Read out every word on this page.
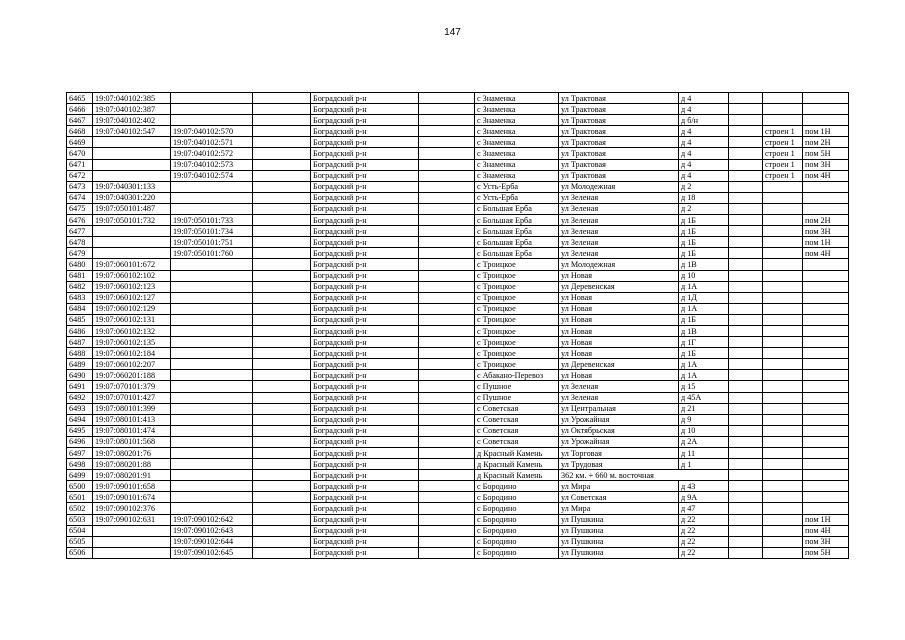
147
6465	19:07:040102:385			Боградский р-н		с Знаменка	ул Трактовая	д 4			
6466	19:07:040102:387			Боградский р-н		с Знаменка	ул Трактовая	д 4			
6467	19:07:040102:402			Боградский р-н		с Знаменка	ул Трактовая	д б/н			
6468	19:07:040102:547	19:07:040102:570		Боградский р-н		с Знаменка	ул Трактовая	д 4		строен 1	пом 1Н
6469		19:07:040102:571		Боградский р-н		с Знаменка	ул Трактовая	д 4		строен 1	пом 2Н
6470		19:07:040102:572		Боградский р-н		с Знаменка	ул Трактовая	д 4		строен 1	пом 5Н
6471		19:07:040102:573		Боградский р-н		с Знаменка	ул Трактовая	д 4		строен 1	пом 3Н
6472		19:07:040102:574		Боградский р-н		с Знаменка	ул Трактовая	д 4		строен 1	пом 4Н
6473	19:07:040301:133			Боградский р-н		с Усть-Ерба	ул Молодежная	д 2			
6474	19:07:040301:220			Боградский р-н		с Усть-Ерба	ул Зеленая	д 18			
6475	19:07:050101:487			Боградский р-н		с Большая Ерба	ул Зеленая	д 2			
6476	19:07:050101:732	19:07:050101:733		Боградский р-н		с Большая Ерба	ул Зеленая	д 1Б			пом 2Н
6477		19:07:050101:734		Боградский р-н		с Большая Ерба	ул Зеленая	д 1Б			пом 3Н
6478		19:07:050101:751		Боградский р-н		с Большая Ерба	ул Зеленая	д 1Б			пом 1Н
6479		19:07:050101:760		Боградский р-н		с Большая Ерба	ул Зеленая	д 1Б			пом 4Н
6480	19:07:060101:672			Боградский р-н		с Троицкое	ул Молодежная	д 1В			
6481	19:07:060102:102			Боградский р-н		с Троицкое	ул Новая	д 10			
6482	19:07:060102:123			Боградский р-н		с Троицкое	ул Деревенская	д 1А			
6483	19:07:060102:127			Боградский р-н		с Троицкое	ул Новая	д 1Д			
6484	19:07:060102:129			Боградский р-н		с Троицкое	ул Новая	д 1А			
6485	19:07:060102:131			Боградский р-н		с Троицкое	ул Новая	д 1Б			
6486	19:07:060102:132			Боградский р-н		с Троицкое	ул Новая	д 1В			
6487	19:07:060102:135			Боградский р-н		с Троицкое	ул Новая	д 1Г			
6488	19:07:060102:184			Боградский р-н		с Троицкое	ул Новая	д 1Б			
6489	19:07:060102:207			Боградский р-н		с Троицкое	ул Деревенская	д 1А			
6490	19:07:060201:188			Боградский р-н		с Абакано-Перевоз	ул Новая	д 1А			
6491	19:07:070101:379			Боградский р-н		с Пушное	ул Зеленая	д 15			
6492	19:07:070101:427			Боградский р-н		с Пушное	ул Зеленая	д 45А			
6493	19:07:080101:399			Боградский р-н		с Советская	ул Центральная	д 21			
6494	19:07:080101:413			Боградский р-н		с Советская	ул Урожайная	д 9			
6495	19:07:080101:474			Боградский р-н		с Советская	ул Октябрьская	д 10			
6496	19:07:080101:568			Боградский р-н		с Советская	ул Урожайная	д 2А			
6497	19:07:080201:76			Боградский р-н		д Красный Камень	ул Торговая	д 11			
6498	19:07:080201:88			Боградский р-н		д Красный Камень	ул Трудовая	д 1			
6499	19:07:080201:91			Боградский р-н		д Красный Камень	362 км. + 660 м. восточная				
6500	19:07:090101:658			Боградский р-н		с Бородино	ул Мира	д 43			
6501	19:07:090101:674			Боградский р-н		с Бородино	ул Советская	д 9А			
6502	19:07:090102:376			Боградский р-н		с Бородино	ул Мира	д 47			
6503	19:07:090102:631	19:07:090102:642		Боградский р-н		с Бородино	ул Пушкина	д 22			пом 1Н
6504		19:07:090102:643		Боградский р-н		с Бородино	ул Пушкина	д 22			пом 4Н
6505		19:07:090102:644		Боградский р-н		с Бородино	ул Пушкина	д 22			пом 3Н
6506		19:07:090102:645		Боградский р-н		с Бородино	ул Пушкина	д 22			пом 5Н
